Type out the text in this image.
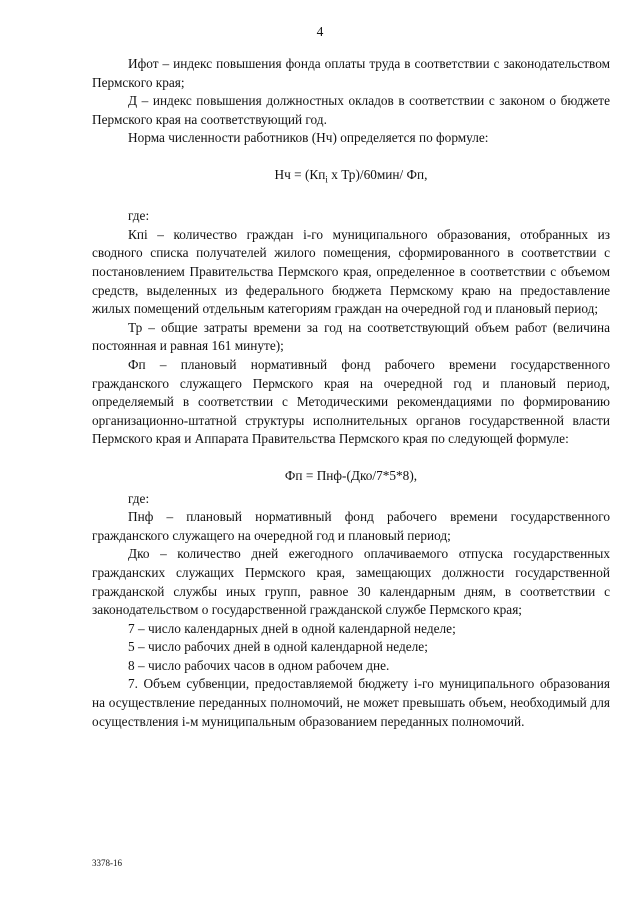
4

Ифот – индекс повышения фонда оплаты труда в соответствии с законодательством Пермского края;

Д – индекс повышения должностных окладов в соответствии с законом о бюджете Пермского края на соответствующий год.

Норма численности работников (Нч) определяется по формуле:

Нч = ($Кп_i$ х Тр)/60мин/ Фп,

где:

Кпi – количество граждан i-го муниципального образования, отобранных из сводного списка получателей жилого помещения, сформированного в соответствии с постановлением Правительства Пермского края, определенное в соответствии с объемом средств, выделенных из федерального бюджета Пермскому краю на предоставление жилых помещений отдельным категориям граждан на очередной год и плановый период;

Тр – общие затраты времени за год на соответствующий объем работ (величина постоянная и равная 161 минуте);

Фп – плановый нормативный фонд рабочего времени государственного гражданского служащего Пермского края на очередной год и плановый период, определяемый в соответствии с Методическими рекомендациями по формированию организационно-штатной структуры исполнительных органов государственной власти Пермского края и Аппарата Правительства Пермского края по следующей формуле:

Фп = Пнф-(Дко/7*5*8),

где:

Пнф – плановый нормативный фонд рабочего времени государственного гражданского служащего на очередной год и плановый период;

Дко – количество дней ежегодного оплачиваемого отпуска государственных гражданских служащих Пермского края, замещающих должности государственной гражданской службы иных групп, равное 30 календарным дням, в соответствии с законодательством о государственной гражданской службе Пермского края;

7 – число календарных дней в одной календарной неделе;

5 – число рабочих дней в одной календарной неделе;

8 – число рабочих часов в одном рабочем дне.

7. Объем субвенции, предоставляемой бюджету i-го муниципального образования на осуществление переданных полномочий, не может превышать объем, необходимый для осуществления i-м муниципальным образованием переданных полномочий.

3378-16
